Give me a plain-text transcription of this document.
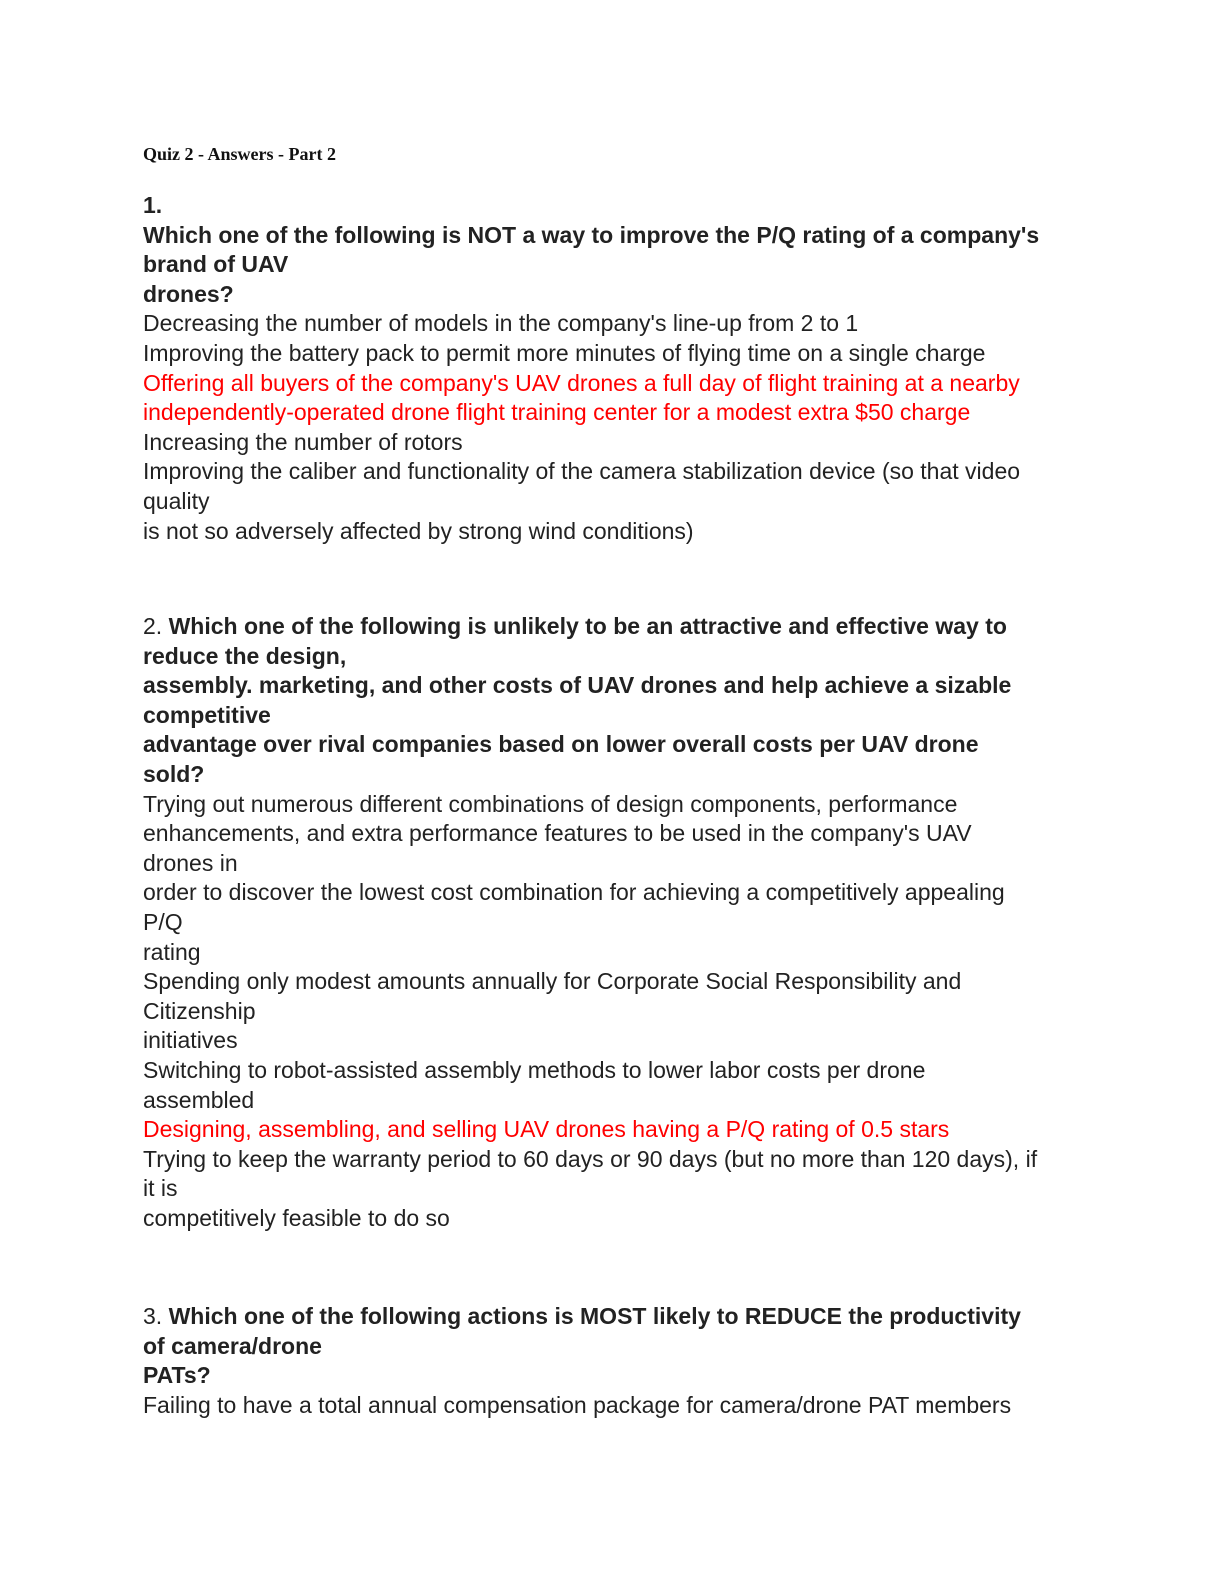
Quiz 2 - Answers - Part 2
1.
Which one of the following is NOT a way to improve the P/Q rating of a company's
brand of UAV
drones?
Decreasing the number of models in the company's line-up from 2 to 1
Improving the battery pack to permit more minutes of flying time on a single charge
Offering all buyers of the company's UAV drones a full day of flight training at a nearby
independently-operated drone flight training center for a modest extra $50 charge
Increasing the number of rotors
Improving the caliber and functionality of the camera stabilization device (so that video
quality
is not so adversely affected by strong wind conditions)
2. Which one of the following is unlikely to be an attractive and effective way to
reduce the design,
assembly. marketing, and other costs of UAV drones and help achieve a sizable
competitive
advantage over rival companies based on lower overall costs per UAV drone
sold?
Trying out numerous different combinations of design components, performance
enhancements, and extra performance features to be used in the company's UAV
drones in
order to discover the lowest cost combination for achieving a competitively appealing
P/Q
rating
Spending only modest amounts annually for Corporate Social Responsibility and
Citizenship
initiatives
Switching to robot-assisted assembly methods to lower labor costs per drone
assembled
Designing, assembling, and selling UAV drones having a P/Q rating of 0.5 stars
Trying to keep the warranty period to 60 days or 90 days (but no more than 120 days), if
it is
competitively feasible to do so
3. Which one of the following actions is MOST likely to REDUCE the productivity
of camera/drone
PATs?
Failing to have a total annual compensation package for camera/drone PAT members
